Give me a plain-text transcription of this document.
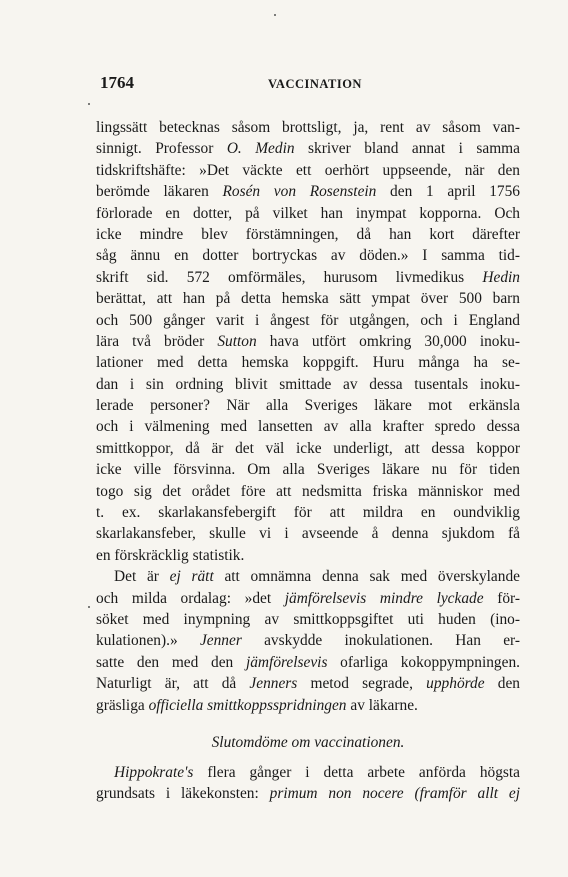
1764	VACCINATION
lingssätt betecknas såsom brottsligt, ja, rent av såsom van-
sinnigt. Professor O. Medin skriver bland annat i samma
tidskriftshäfte: »Det väckte ett oerhört uppseende, när den
berömde läkaren Rosén von Rosenstein den 1 april 1756
förlorade en dotter, på vilket han inympat kopporna. Och
icke mindre blev förstämningen, då han kort därefter
såg ännu en dotter bortryckas av döden.» I samma tid-
skrift sid. 572 omförmäles, hurusom livmedikus Hedin
berättat, att han på detta hemska sätt ympat över 500 barn
och 500 gånger varit i ångest för utgången, och i England
lära två bröder Sutton hava utfört omkring 30,000 inoku-
lationer med detta hemska koppgift. Huru många ha se-
dan i sin ordning blivit smittade av dessa tusentals inoku-
lerade personer? När alla Sveriges läkare mot erkänsla
och i välmening med lansetten av alla krafter spredo dessa
smittkoppor, då är det väl icke underligt, att dessa koppor
icke ville försvinna. Om alla Sveriges läkare nu för tiden
togo sig det orådet före att nedsmitta friska människor med
t. ex. skarlakansfebergift för att mildra en oundviklig
skarlakansfeber, skulle vi i avseende å denna sjukdom få
en förskräcklig statistik.
Det är ej rätt att omnämna denna sak med överskylande
och milda ordalag: »det jämförelsevis mindre lyckade för-
söket med inympning av smittkoppsgiftet uti huden (ino-
kulationen).» Jenner avskydde inokulationen. Han er-
satte den med den jämförelsevis ofarliga kokoppympningen.
Naturligt är, att då Jenners metod segrade, upphörde den
gräsliga officiella smittkoppsspridningen av läkarne.
Slutomdöme om vaccinationen.
Hippokrate's flera gånger i detta arbete anförda högsta
grundsats i läkekonsten: primum non nocere (framför allt ej
